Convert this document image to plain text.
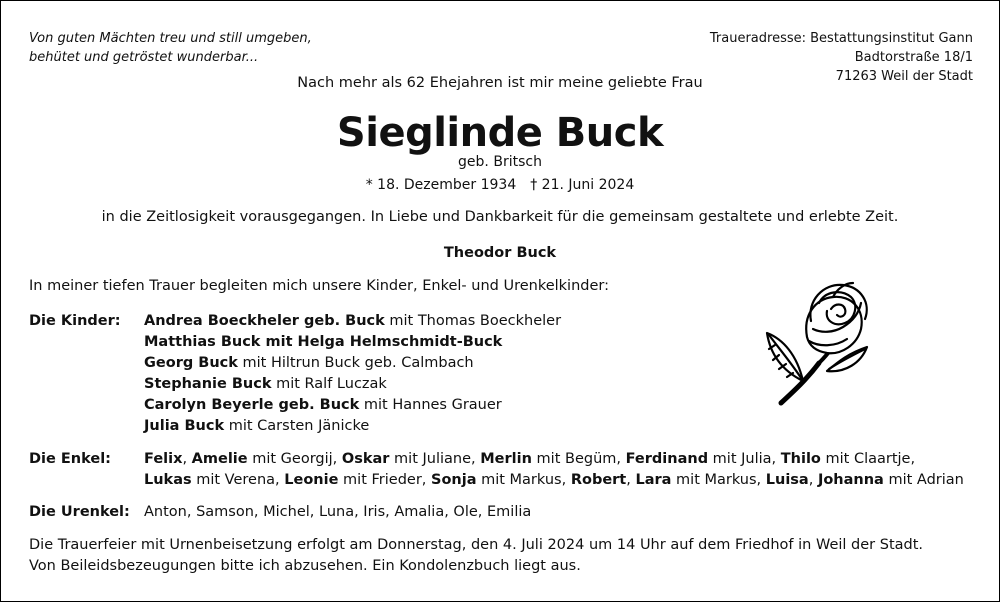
Von guten Mächten treu und still umgeben,
behütet und getröstet wunderbar...
Traueradresse: Bestattungsinstitut Gann
Badtorstraße 18/1
71263 Weil der Stadt
Nach mehr als 62 Ehejahren ist mir meine geliebte Frau
Sieglinde Buck
geb. Britsch
* 18. Dezember 1934 † 21. Juni 2024
in die Zeitlosigkeit vorausgegangen. In Liebe und Dankbarkeit für die gemeinsam gestaltete und erlebte Zeit.
Theodor Buck
In meiner tiefen Trauer begleiten mich unsere Kinder, Enkel- und Urenkelkinder:
Die Kinder: Andrea Boeckheler geb. Buck mit Thomas Boeckheler
Matthias Buck mit Helga Helmschmidt-Buck
Georg Buck mit Hiltrun Buck geb. Calmbach
Stephanie Buck mit Ralf Luczak
Carolyn Beyerle geb. Buck mit Hannes Grauer
Julia Buck mit Carsten Jänicke
Die Enkel: Felix, Amelie mit Georgij, Oskar mit Juliane, Merlin mit Begüm, Ferdinand mit Julia, Thilo mit Claartje,
Lukas mit Verena, Leonie mit Frieder, Sonja mit Markus, Robert, Lara mit Markus, Luisa, Johanna mit Adrian
Die Urenkel: Anton, Samson, Michel, Luna, Iris, Amalia, Ole, Emilia
Die Trauerfeier mit Urnenbeisetzung erfolgt am Donnerstag, den 4. Juli 2024 um 14 Uhr auf dem Friedhof in Weil der Stadt.
Von Beileidsbezeugungen bitte ich abzusehen. Ein Kondolenzbuch liegt aus.
